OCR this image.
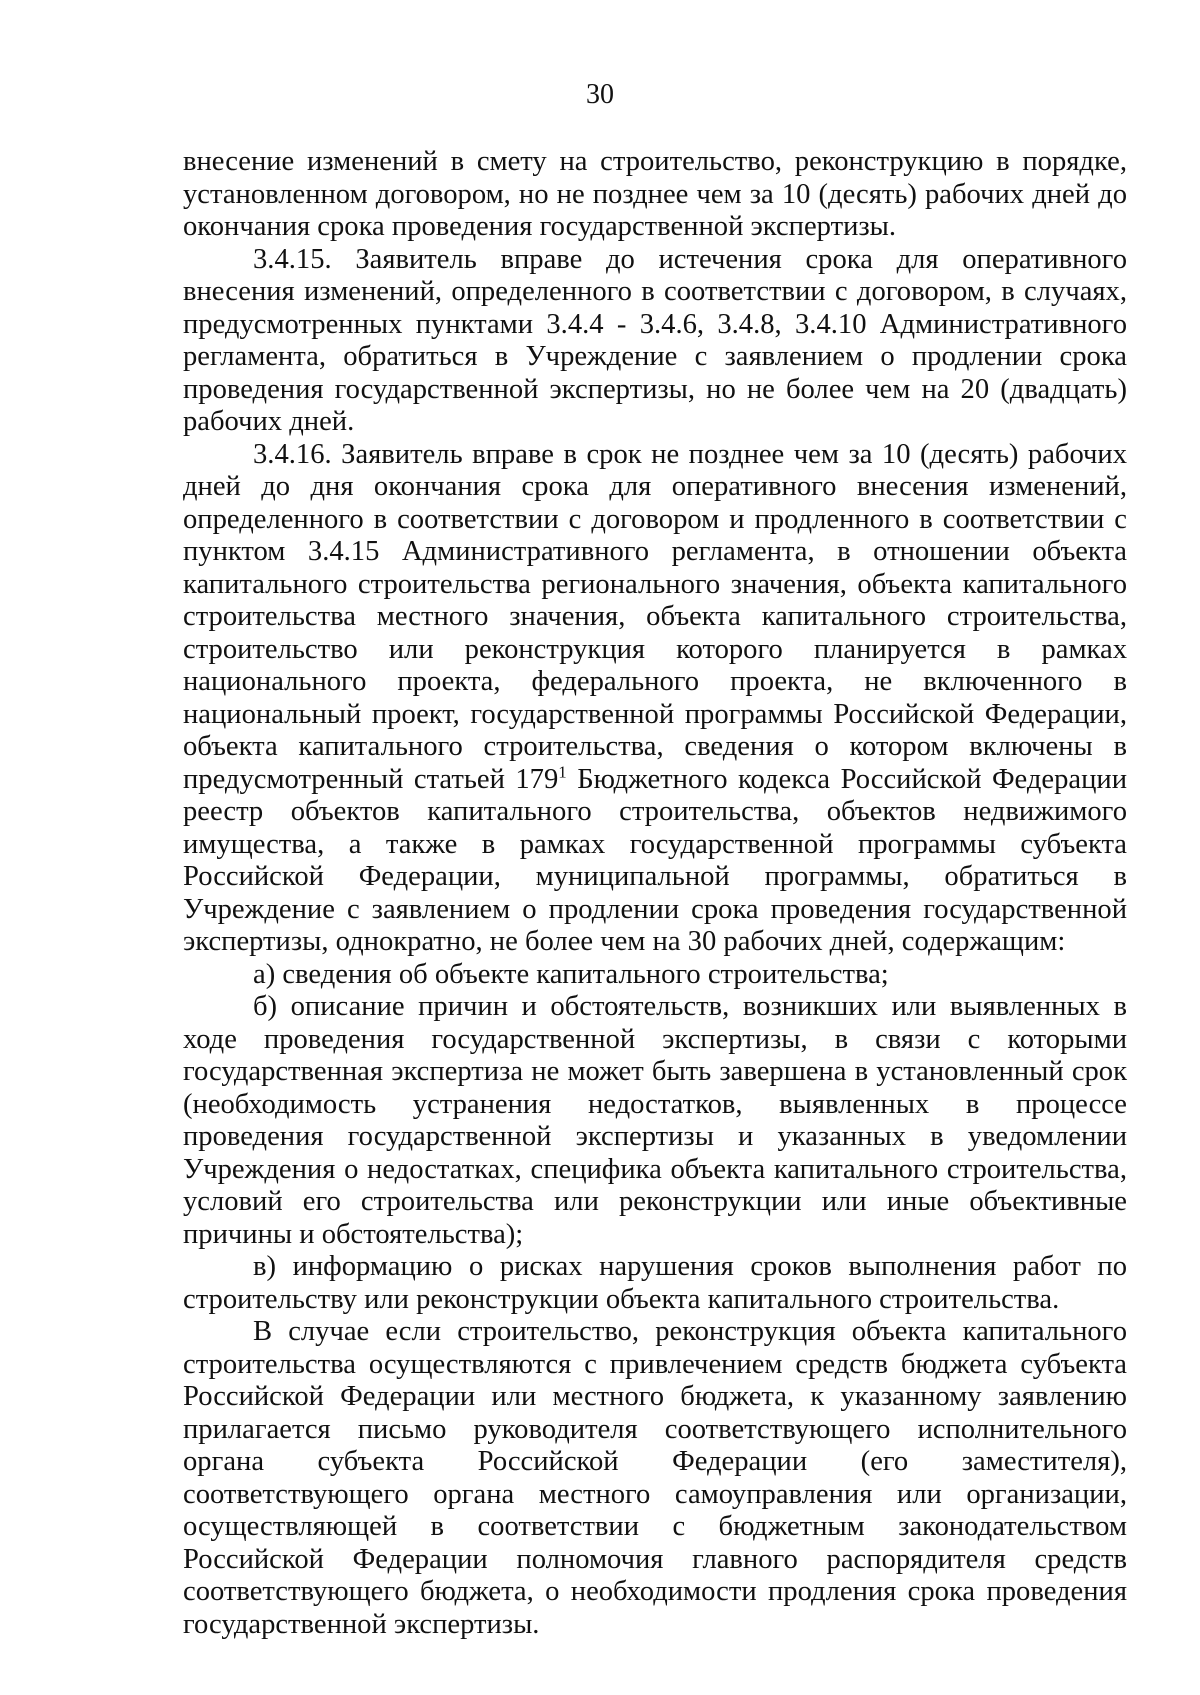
30

внесение изменений в смету на строительство, реконструкцию в порядке, установленном договором, но не позднее чем за 10 (десять) рабочих дней до окончания срока проведения государственной экспертизы.

3.4.15. Заявитель вправе до истечения срока для оперативного внесения изменений, определенного в соответствии с договором, в случаях, предусмотренных пунктами 3.4.4 - 3.4.6, 3.4.8, 3.4.10 Административного регламента, обратиться в Учреждение с заявлением о продлении срока проведения государственной экспертизы, но не более чем на 20 (двадцать) рабочих дней.

3.4.16. Заявитель вправе в срок не позднее чем за 10 (десять) рабочих дней до дня окончания срока для оперативного внесения изменений, определенного в соответствии с договором и продленного в соответствии с пунктом 3.4.15 Административного регламента, в отношении объекта капитального строительства регионального значения, объекта капитального строительства местного значения, объекта капитального строительства, строительство или реконструкция которого планируется в рамках национального проекта, федерального проекта, не включенного в национальный проект, государственной программы Российской Федерации, объекта капитального строительства, сведения о котором включены в предусмотренный статьей $179^1$ Бюджетного кодекса Российской Федерации реестр объектов капитального строительства, объектов недвижимого имущества, а также в рамках государственной программы субъекта Российской Федерации, муниципальной программы, обратиться в Учреждение с заявлением о продлении срока проведения государственной экспертизы, однократно, не более чем на 30 рабочих дней, содержащим:

а) сведения об объекте капитального строительства;

б) описание причин и обстоятельств, возникших или выявленных в ходе проведения государственной экспертизы, в связи с которыми государственная экспертиза не может быть завершена в установленный срок (необходимость устранения недостатков, выявленных в процессе проведения государственной экспертизы и указанных в уведомлении Учреждения о недостатках, специфика объекта капитального строительства, условий его строительства или реконструкции или иные объективные причины и обстоятельства);

в) информацию о рисках нарушения сроков выполнения работ по строительству или реконструкции объекта капитального строительства.

В случае если строительство, реконструкция объекта капитального строительства осуществляются с привлечением средств бюджета субъекта Российской Федерации или местного бюджета, к указанному заявлению прилагается письмо руководителя соответствующего исполнительного органа субъекта Российской Федерации (его заместителя), соответствующего органа местного самоуправления или организации, осуществляющей в соответствии с бюджетным законодательством Российской Федерации полномочия главного распорядителя средств соответствующего бюджета, о необходимости продления срока проведения государственной экспертизы.
